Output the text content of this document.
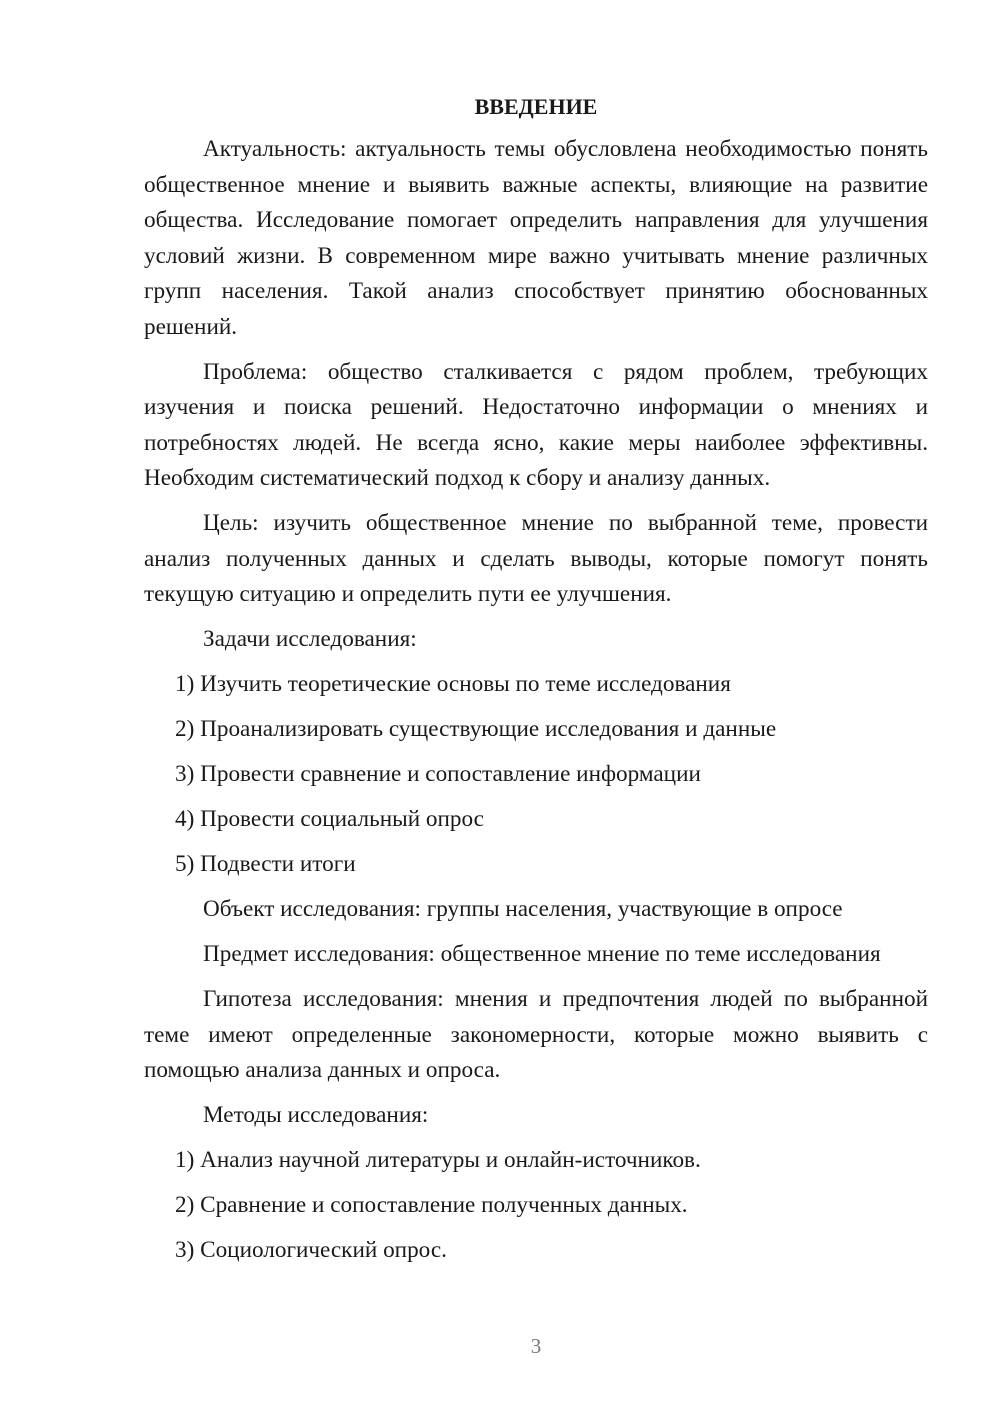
ВВЕДЕНИЕ

Актуальность: актуальность темы обусловлена необходимостью понять общественное мнение и выявить важные аспекты, влияющие на развитие общества. Исследование помогает определить направления для улучшения условий жизни. В современном мире важно учитывать мнение различных групп населения. Такой анализ способствует принятию обоснованных решений.

Проблема: общество сталкивается с рядом проблем, требующих изучения и поиска решений. Недостаточно информации о мнениях и потребностях людей. Не всегда ясно, какие меры наиболее эффективны. Необходим систематический подход к сбору и анализу данных.

Цель: изучить общественное мнение по выбранной теме, провести анализ полученных данных и сделать выводы, которые помогут понять текущую ситуацию и определить пути ее улучшения.

Задачи исследования:

1) Изучить теоретические основы по теме исследования
2) Проанализировать существующие исследования и данные
3) Провести сравнение и сопоставление информации
4) Провести социальный опрос
5) Подвести итоги

Объект исследования: группы населения, участвующие в опросе

Предмет исследования: общественное мнение по теме исследования

Гипотеза исследования: мнения и предпочтения людей по выбранной теме имеют определенные закономерности, которые можно выявить с помощью анализа данных и опроса.

Методы исследования:

1) Анализ научной литературы и онлайн-источников.
2) Сравнение и сопоставление полученных данных.
3) Социологический опрос.
3
